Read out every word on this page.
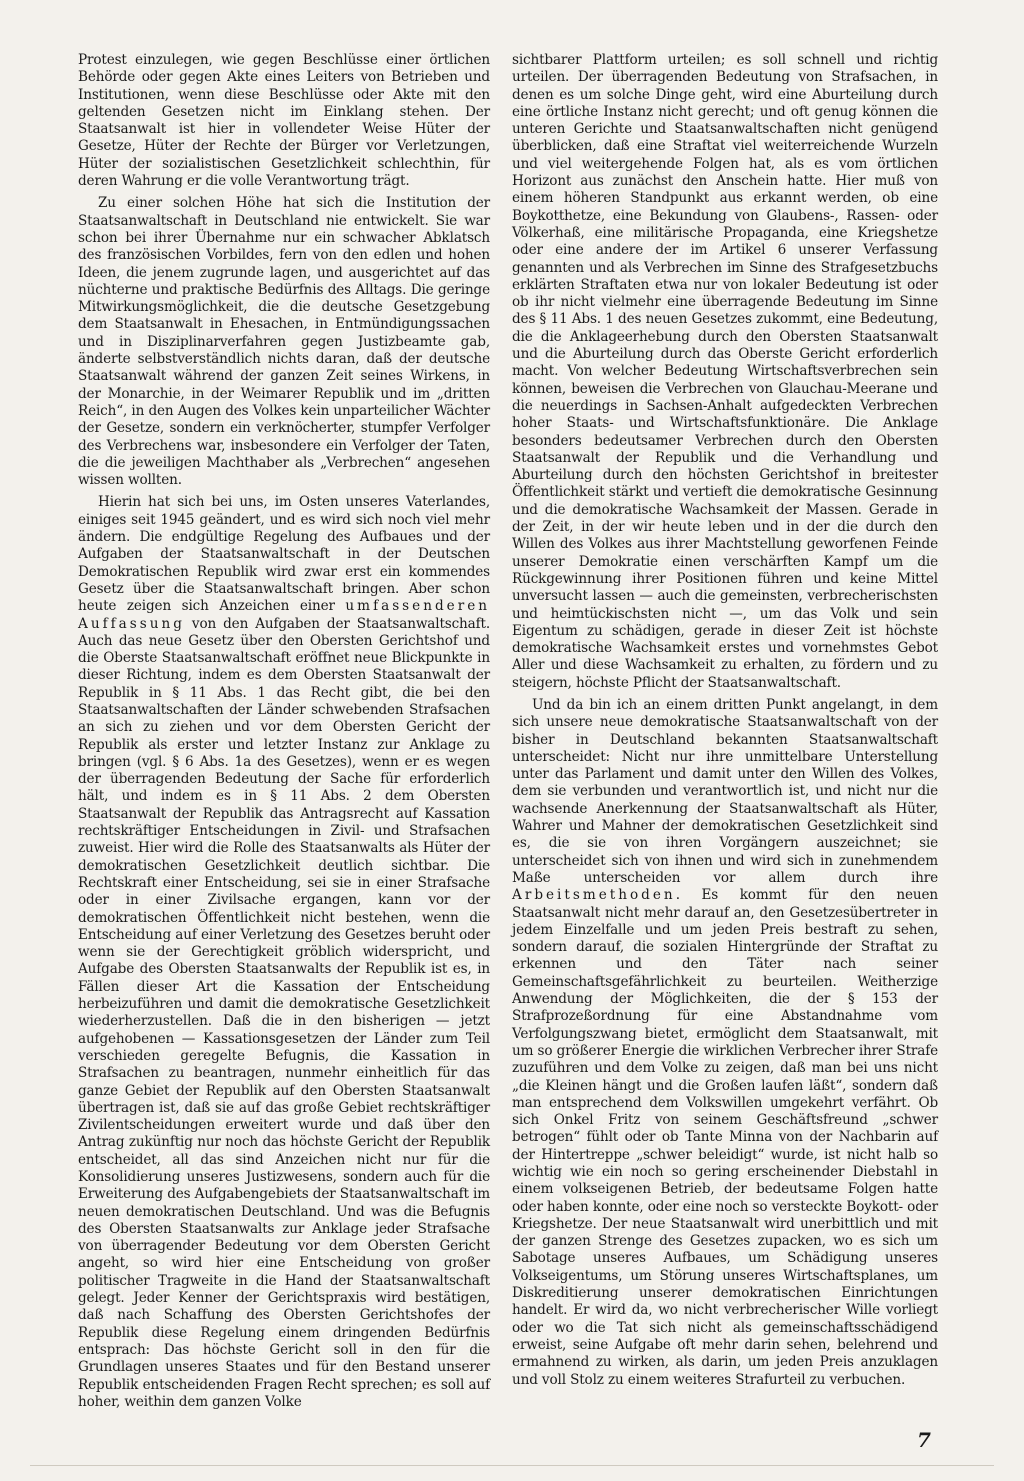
Protest einzulegen, wie gegen Beschlüsse einer örtlichen Behörde oder gegen Akte eines Leiters von Betrieben und Institutionen, wenn diese Beschlüsse oder Akte mit den geltenden Gesetzen nicht im Einklang stehen. Der Staatsanwalt ist hier in vollendeter Weise Hüter der Gesetze, Hüter der Rechte der Bürger vor Verletzungen, Hüter der sozialistischen Gesetzlichkeit schlechthin, für deren Wahrung er die volle Verantwortung trägt.

Zu einer solchen Höhe hat sich die Institution der Staatsanwaltschaft in Deutschland nie entwickelt. Sie war schon bei ihrer Übernahme nur ein schwacher Abklatsch des französischen Vorbildes, fern von den edlen und hohen Ideen, die jenem zugrunde lagen, und ausgerichtet auf das nüchterne und praktische Bedürfnis des Alltags. Die geringe Mitwirkungsmöglichkeit, die die deutsche Gesetzgebung dem Staatsanwalt in Ehesachen, in Entmündigungssachen und in Disziplinarverfahren gegen Justizbeamte gab, änderte selbstverständlich nichts daran, daß der deutsche Staatsanwalt während der ganzen Zeit seines Wirkens, in der Monarchie, in der Weimarer Republik und im „dritten Reich“, in den Augen des Volkes kein unparteilicher Wächter der Gesetze, sondern ein verknöcherter, stumpfer Verfolger des Verbrechens war, insbesondere ein Verfolger der Taten, die die jeweiligen Machthaber als „Verbrechen“ angesehen wissen wollten.

Hierin hat sich bei uns, im Osten unseres Vaterlandes, einiges seit 1945 geändert, und es wird sich noch viel mehr ändern. Die endgültige Regelung des Aufbaues und der Aufgaben der Staatsanwaltschaft in der Deutschen Demokratischen Republik wird zwar erst ein kommendes Gesetz über die Staatsanwaltschaft bringen. Aber schon heute zeigen sich Anzeichen einer umfassenderen Auffassung von den Aufgaben der Staatsanwaltschaft. Auch das neue Gesetz über den Obersten Gerichtshof und die Oberste Staatsanwaltschaft eröffnet neue Blickpunkte in dieser Richtung, indem es dem Obersten Staatsanwalt der Republik in § 11 Abs. 1 das Recht gibt, die bei den Staatsanwaltschaften der Länder schwebenden Strafsachen an sich zu ziehen und vor dem Obersten Gericht der Republik als erster und letzter Instanz zur Anklage zu bringen (vgl. § 6 Abs. 1a des Gesetzes), wenn er es wegen der überragenden Bedeutung der Sache für erforderlich hält, und indem es in § 11 Abs. 2 dem Obersten Staatsanwalt der Republik das Antragsrecht auf Kassation rechtskräftiger Entscheidungen in Zivil- und Strafsachen zuweist. Hier wird die Rolle des Staatsanwalts als Hüter der demokratischen Gesetzlichkeit deutlich sichtbar. Die Rechtskraft einer Entscheidung, sei sie in einer Strafsache oder in einer Zivilsache ergangen, kann vor der demokratischen Öffentlichkeit nicht bestehen, wenn die Entscheidung auf einer Verletzung des Gesetzes beruht oder wenn sie der Gerechtigkeit gröblich widerspricht, und Aufgabe des Obersten Staatsanwalts der Republik ist es, in Fällen dieser Art die Kassation der Entscheidung herbeizuführen und damit die demokratische Gesetzlichkeit wiederherzustellen. Daß die in den bisherigen — jetzt aufgehobenen — Kassationsgesetzen der Länder zum Teil verschieden geregelte Befugnis, die Kassation in Strafsachen zu beantragen, nunmehr einheitlich für das ganze Gebiet der Republik auf den Obersten Staatsanwalt übertragen ist, daß sie auf das große Gebiet rechtskräftiger Zivilentscheidungen erweitert wurde und daß über den Antrag zukünftig nur noch das höchste Gericht der Republik entscheidet, all das sind Anzeichen nicht nur für die Konsolidierung unseres Justizwesens, sondern auch für die Erweiterung des Aufgabengebiets der Staatsanwaltschaft im neuen demokratischen Deutschland. Und was die Befugnis des Obersten Staatsanwalts zur Anklage jeder Strafsache von überragender Bedeutung vor dem Obersten Gericht angeht, so wird hier eine Entscheidung von großer politischer Tragweite in die Hand der Staatsanwaltschaft gelegt. Jeder Kenner der Gerichtspraxis wird bestätigen, daß nach Schaffung des Obersten Gerichtshofes der Republik diese Regelung einem dringenden Bedürfnis entsprach: Das höchste Gericht soll in den für die Grundlagen unseres Staates und für den Bestand unserer Republik entscheidenden Fragen Recht sprechen; es soll auf hoher, weithin dem ganzen Volke

sichtbarer Plattform urteilen; es soll schnell und richtig urteilen. Der überragenden Bedeutung von Strafsachen, in denen es um solche Dinge geht, wird eine Aburteilung durch eine örtliche Instanz nicht gerecht; und oft genug können die unteren Gerichte und Staatsanwaltschaften nicht genügend überblicken, daß eine Straftat viel weiterreichende Wurzeln und viel weitergehende Folgen hat, als es vom örtlichen Horizont aus zunächst den Anschein hatte. Hier muß von einem höheren Standpunkt aus erkannt werden, ob eine Boykotthetze, eine Bekundung von Glaubens-, Rassen- oder Völkerhaß, eine militärische Propaganda, eine Kriegshetze oder eine andere der im Artikel 6 unserer Verfassung genannten und als Verbrechen im Sinne des Strafgesetzbuchs erklärten Straftaten etwa nur von lokaler Bedeutung ist oder ob ihr nicht vielmehr eine überragende Bedeutung im Sinne des § 11 Abs. 1 des neuen Gesetzes zukommt, eine Bedeutung, die die Anklageerhebung durch den Obersten Staatsanwalt und die Aburteilung durch das Oberste Gericht erforderlich macht. Von welcher Bedeutung Wirtschaftsverbrechen sein können, beweisen die Verbrechen von Glauchau-Meerane und die neuerdings in Sachsen-Anhalt aufgedeckten Verbrechen hoher Staats- und Wirtschaftsfunktionäre. Die Anklage besonders bedeutsamer Verbrechen durch den Obersten Staatsanwalt der Republik und die Verhandlung und Aburteilung durch den höchsten Gerichtshof in breitester Öffentlichkeit stärkt und vertieft die demokratische Gesinnung und die demokratische Wachsamkeit der Massen. Gerade in der Zeit, in der wir heute leben und in der die durch den Willen des Volkes aus ihrer Machtstellung geworfenen Feinde unserer Demokratie einen verschärften Kampf um die Rückgewinnung ihrer Positionen führen und keine Mittel unversucht lassen — auch die gemeinsten, verbrecherischsten und heimtückischsten nicht —, um das Volk und sein Eigentum zu schädigen, gerade in dieser Zeit ist höchste demokratische Wachsamkeit erstes und vornehmstes Gebot Aller und diese Wachsamkeit zu erhalten, zu fördern und zu steigern, höchste Pflicht der Staatsanwaltschaft.

Und da bin ich an einem dritten Punkt angelangt, in dem sich unsere neue demokratische Staatsanwaltschaft von der bisher in Deutschland bekannten Staatsanwaltschaft unterscheidet: Nicht nur ihre unmittelbare Unterstellung unter das Parlament und damit unter den Willen des Volkes, dem sie verbunden und verantwortlich ist, und nicht nur die wachsende Anerkennung der Staatsanwaltschaft als Hüter, Wahrer und Mahner der demokratischen Gesetzlichkeit sind es, die sie von ihren Vorgängern auszeichnet; sie unterscheidet sich von ihnen und wird sich in zunehmendem Maße unterscheiden vor allem durch ihre Arbeitsmethoden. Es kommt für den neuen Staatsanwalt nicht mehr darauf an, den Gesetzesübertreter in jedem Einzelfalle und um jeden Preis bestraft zu sehen, sondern darauf, die sozialen Hintergründe der Straftat zu erkennen und den Täter nach seiner Gemeinschaftsgefährlichkeit zu beurteilen. Weitherzige Anwendung der Möglichkeiten, die der § 153 der Strafprozeßordnung für eine Abstandnahme vom Verfolgungszwang bietet, ermöglicht dem Staatsanwalt, mit um so größerer Energie die wirklichen Verbrecher ihrer Strafe zuzuführen und dem Volke zu zeigen, daß man bei uns nicht „die Kleinen hängt und die Großen laufen läßt“, sondern daß man entsprechend dem Volkswillen umgekehrt verfährt. Ob sich Onkel Fritz von seinem Geschäftsfreund „schwer betrogen“ fühlt oder ob Tante Minna von der Nachbarin auf der Hintertreppe „schwer beleidigt“ wurde, ist nicht halb so wichtig wie ein noch so gering erscheinender Diebstahl in einem volkseigenen Betrieb, der bedeutsame Folgen hatte oder haben konnte, oder eine noch so versteckte Boykott- oder Kriegshetze. Der neue Staatsanwalt wird unerbittlich und mit der ganzen Strenge des Gesetzes zupacken, wo es sich um Sabotage unseres Aufbaues, um Schädigung unseres Volkseigentums, um Störung unseres Wirtschaftsplanes, um Diskreditierung unserer demokratischen Einrichtungen handelt. Er wird da, wo nicht verbrecherischer Wille vorliegt oder wo die Tat sich nicht als gemeinschaftsschädigend erweist, seine Aufgabe oft mehr darin sehen, belehrend und ermahnend zu wirken, als darin, um jeden Preis anzuklagen und voll Stolz zu einem weiteres Strafurteil zu verbuchen.

7
